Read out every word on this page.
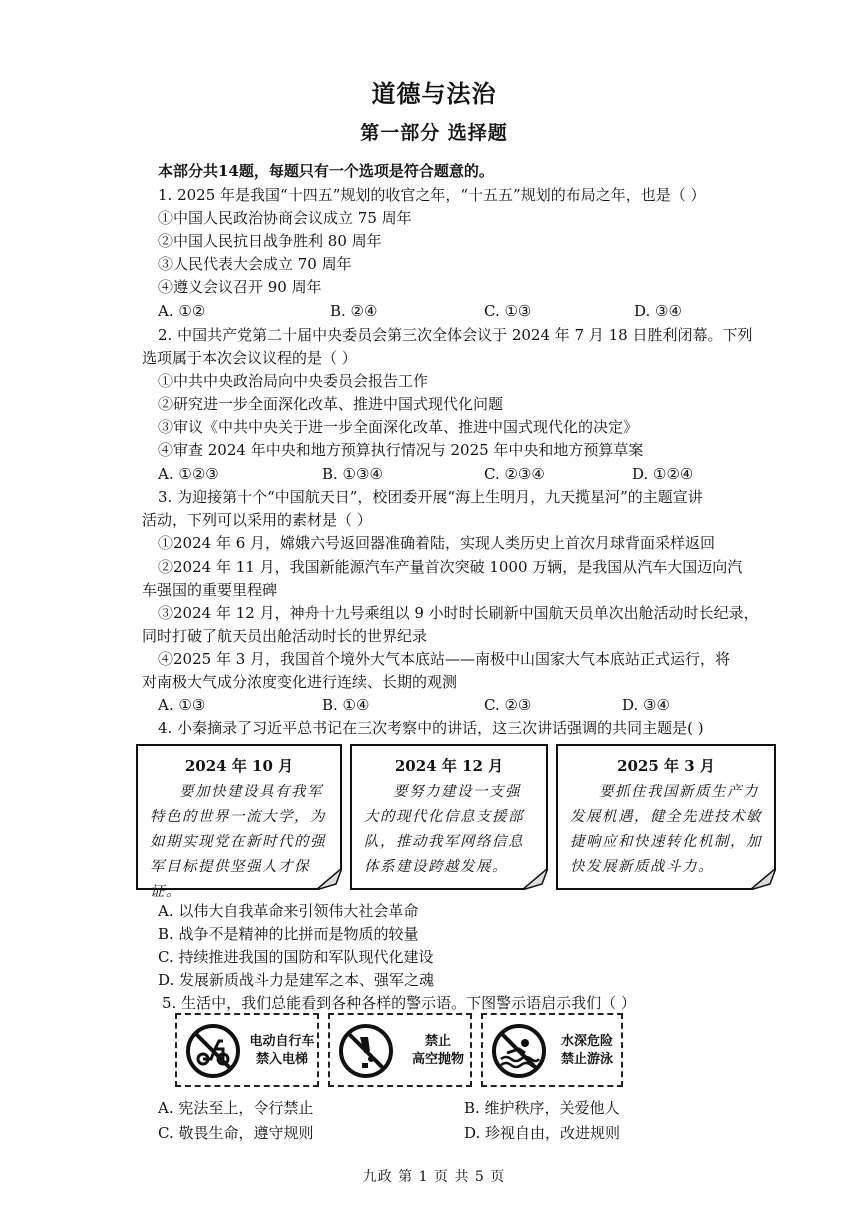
道德与法治
第一部分 选择题
本部分共14题，每题只有一个选项是符合题意的。
1. 2025 年是我国“十四五”规划的收官之年，“十五五”规划的布局之年，也是（ ）
①中国人民政治协商会议成立 75 周年
②中国人民抗日战争胜利 80 周年
③人民代表大会成立 70 周年
④遵义会议召开 90 周年
A. ①②	B. ②④	C. ①③	D. ③④
2. 中国共产党第二十届中央委员会第三次全体会议于 2024 年 7 月 18 日胜利闭幕。下列
选项属于本次会议议程的是（ ）
①中共中央政治局向中央委员会报告工作
②研究进一步全面深化改革、推进中国式现代化问题
③审议《中共中央关于进一步全面深化改革、推进中国式现代化的决定》
④审查 2024 年中央和地方预算执行情况与 2025 年中央和地方预算草案
A. ①②③	B. ①③④	C. ②③④	D. ①②④
3. 为迎接第十个“中国航天日”，校团委开展“海上生明月，九天揽星河”的主题宣讲
活动，下列可以采用的素材是（ ）
①2024 年 6 月，嫦娥六号返回器准确着陆，实现人类历史上首次月球背面采样返回
②2024 年 11 月，我国新能源汽车产量首次突破 1000 万辆，是我国从汽车大国迈向汽
车强国的重要里程碑
③2024 年 12 月，神舟十九号乘组以 9 小时时长刷新中国航天员单次出舱活动时长纪录，
同时打破了航天员出舱活动时长的世界纪录
④2025 年 3 月，我国首个境外大气本底站——南极中山国家大气本底站正式运行，将
对南极大气成分浓度变化进行连续、长期的观测
A. ①③	B. ①④	C. ②③	D. ③④
4. 小秦摘录了习近平总书记在三次考察中的讲话，这三次讲话强调的共同主题是( )
2024 年 10 月
要加快建设具有我军特色的世界一流大学，为如期实现党在新时代的强军目标提供坚强人才保证。
2024 年 12 月
要努力建设一支强大的现代化信息支援部队，推动我军网络信息体系建设跨越发展。
2025 年 3 月
要抓住我国新质生产力发展机遇，健全先进技术敏捷响应和快速转化机制，加快发展新质战斗力。
A. 以伟大自我革命来引领伟大社会革命
B. 战争不是精神的比拼而是物质的较量
C. 持续推进我国的国防和军队现代化建设
D. 发展新质战斗力是建军之本、强军之魂
5. 生活中，我们总能看到各种各样的警示语。下图警示语启示我们（ ）
电动自行车
禁入电梯
禁止
高空抛物
水深危险
禁止游泳
A. 宪法至上，令行禁止	B. 维护秩序，关爱他人
C. 敬畏生命，遵守规则	D. 珍视自由，改进规则
九政 第 1 页 共 5 页
